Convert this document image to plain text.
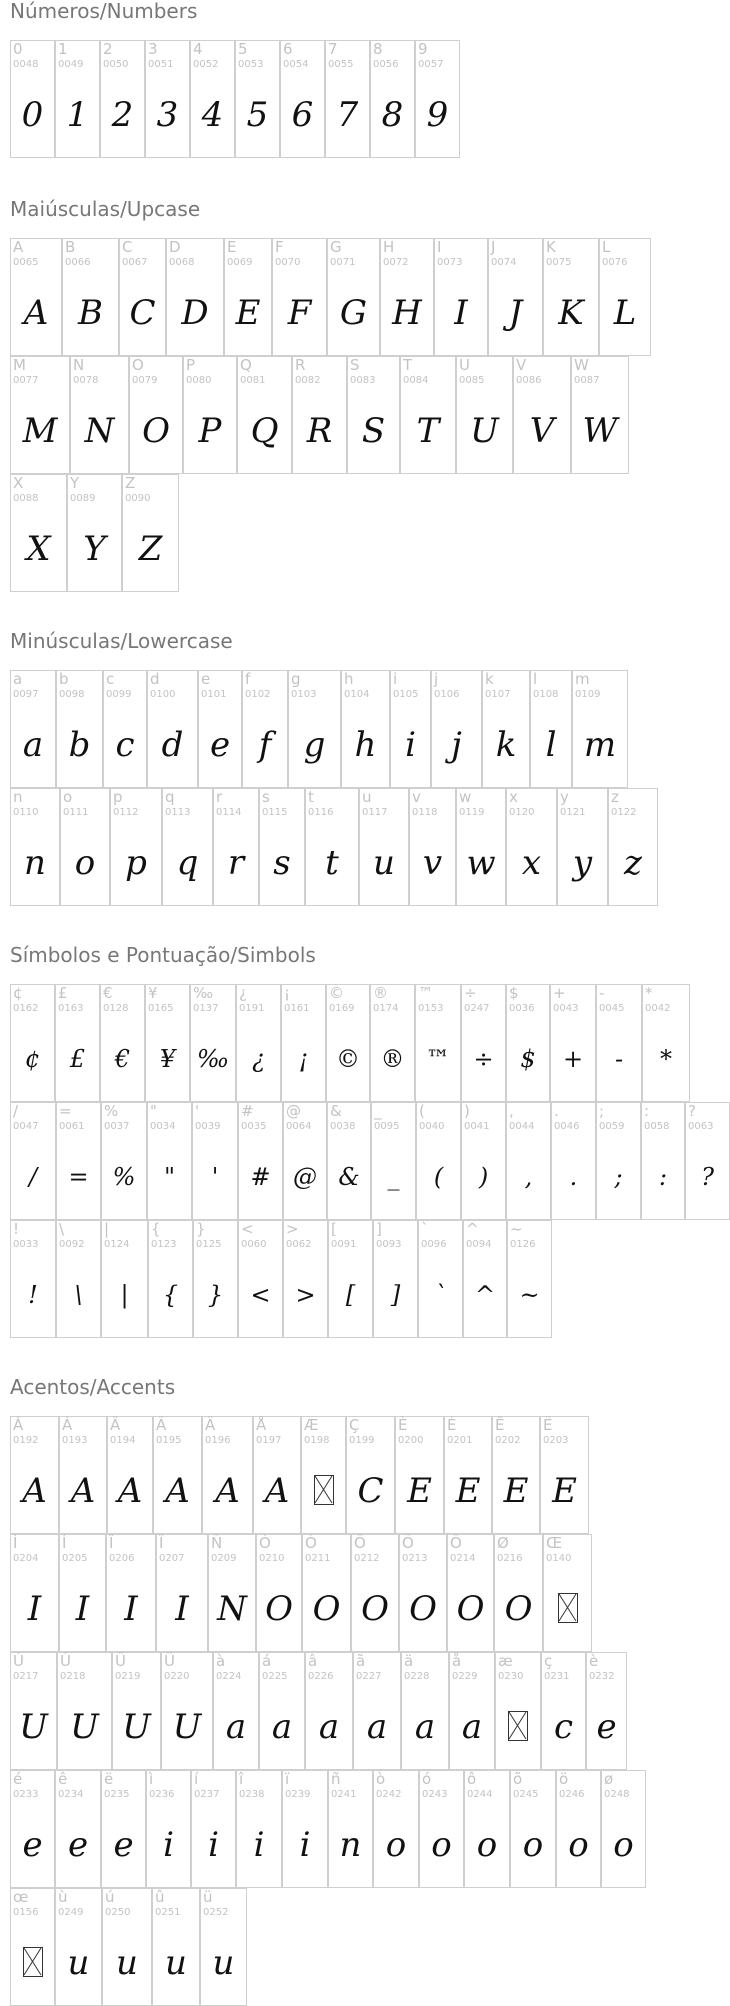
Números/Numbers
0
0048
0
1
0049
1
2
0050
2
3
0051
3
4
0052
4
5
0053
5
6
0054
6
7
0055
7
8
0056
8
9
0057
9
Maiúsculas/Upcase
A
0065
A
B
0066
B
C
0067
C
D
0068
D
E
0069
E
F
0070
F
G
0071
G
H
0072
H
I
0073
I
J
0074
J
K
0075
K
L
0076
L
M
0077
M
N
0078
N
O
0079
O
P
0080
P
Q
0081
Q
R
0082
R
S
0083
S
T
0084
T
U
0085
U
V
0086
V
W
0087
W
X
0088
X
Y
0089
Y
Z
0090
Z
Minúsculas/Lowercase
a
0097
a
b
0098
b
c
0099
c
d
0100
d
e
0101
e
f
0102
f
g
0103
g
h
0104
h
i
0105
i
j
0106
j
k
0107
k
l
0108
l
m
0109
m
n
0110
n
o
0111
o
p
0112
p
q
0113
q
r
0114
r
s
0115
s
t
0116
t
u
0117
u
v
0118
v
w
0119
w
x
0120
x
y
0121
y
z
0122
z
Símbolos e Pontuação/Simbols
¢
0162
¢
£
0163
£
€
0128
€
¥
0165
¥
‰
0137
‰
¿
0191
¿
¡
0161
¡
©
0169
©
®
0174
®
™
0153
™
÷
0247
÷
$
0036
$
+
0043
+
-
0045
-
*
0042
*
/
0047
/
=
0061
=
%
0037
%
"
0034
"
'
0039
'
#
0035
#
@
0064
@
&
0038
&
_
0095
_
(
0040
(
)
0041
)
,
0044
,
.
0046
.
;
0059
;
:
0058
:
?
0063
?
!
0033
!
\
0092
\
|
0124
|
{
0123
{
}
0125
}
<
0060
<
>
0062
>
[
0091
[
]
0093
]
`
0096
`
^
0094
^
~
0126
~
Acentos/Accents
À
0192
A
Á
0193
A
Â
0194
A
Ã
0195
A
Ä
0196
A
Å
0197
A
Æ
0198
Ç
0199
C
È
0200
E
É
0201
E
Ê
0202
E
Ë
0203
E
Ì
0204
I
Í
0205
I
Î
0206
I
Ï
0207
I
Ñ
0209
N
Ò
0210
O
Ó
0211
O
Ô
0212
O
Õ
0213
O
Ö
0214
O
Ø
0216
O
Œ
0140
Ù
0217
U
Ú
0218
U
Û
0219
U
Ü
0220
U
à
0224
a
á
0225
a
â
0226
a
ã
0227
a
ä
0228
a
å
0229
a
æ
0230
ç
0231
c
è
0232
e
é
0233
e
ê
0234
e
ë
0235
e
ì
0236
i
í
0237
i
î
0238
i
ï
0239
i
ñ
0241
n
ò
0242
o
ó
0243
o
ô
0244
o
õ
0245
o
ö
0246
o
ø
0248
o
œ
0156
ù
0249
u
ú
0250
u
û
0251
u
ü
0252
u
